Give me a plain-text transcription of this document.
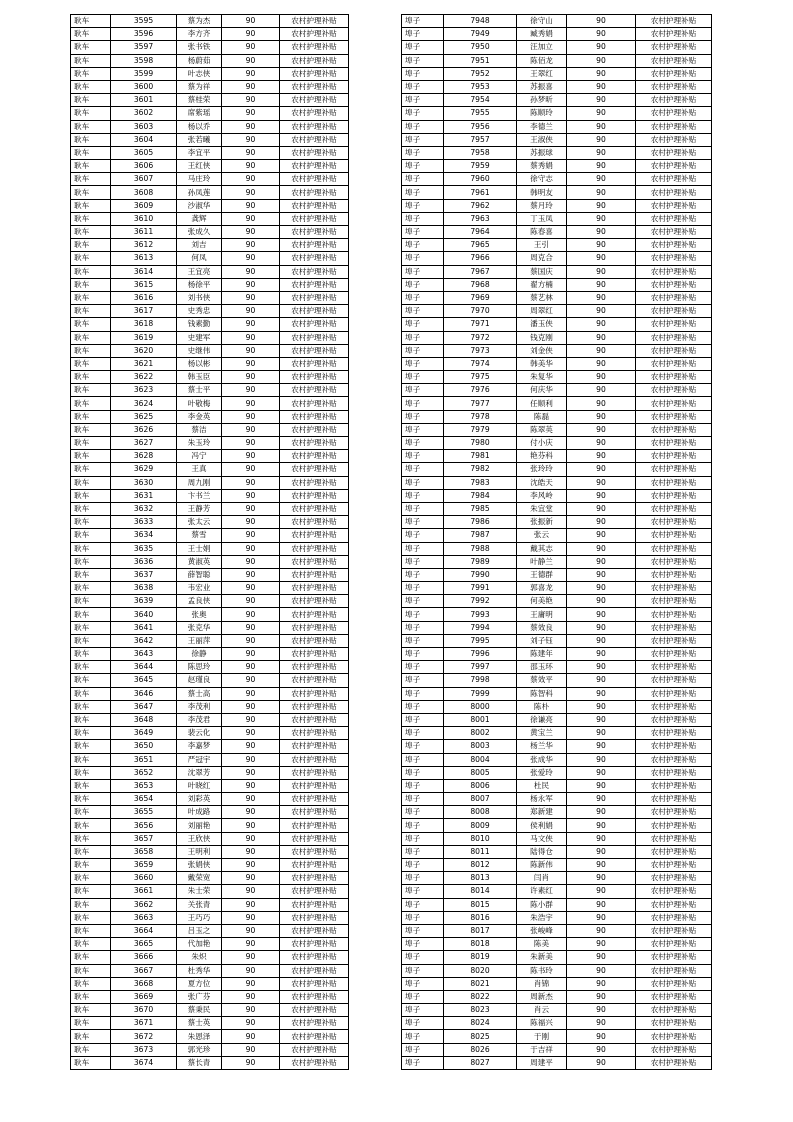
耿车	3595	蔡为杰	90	农村护理补贴
耿车	3596	李方齐	90	农村护理补贴
耿车	3597	张书铁	90	农村护理补贴
耿车	3598	杨蔚茹	90	农村护理补贴
耿车	3599	叶志侠	90	农村护理补贴
耿车	3600	蔡为祥	90	农村护理补贴
耿车	3601	蔡桂荣	90	农村护理补贴
耿车	3602	席紫瑶	90	农村护理补贴
耿车	3603	杨以乔	90	农村护理补贴
耿车	3604	张若曦	90	农村护理补贴
耿车	3605	李宜平	90	农村护理补贴
耿车	3606	王红侠	90	农村护理补贴
耿车	3607	马庄玲	90	农村护理补贴
耿车	3608	孙凤莲	90	农村护理补贴
耿车	3609	沙淑华	90	农村护理补贴
耿车	3610	龚辉	90	农村护理补贴
耿车	3611	张成久	90	农村护理补贴
耿车	3612	刘吉	90	农村护理补贴
耿车	3613	何凤	90	农村护理补贴
耿车	3614	王宜亮	90	农村护理补贴
耿车	3615	杨徐平	90	农村护理补贴
耿车	3616	刘书侠	90	农村护理补贴
耿车	3617	史秀忠	90	农村护理补贴
耿车	3618	钱素勤	90	农村护理补贴
耿车	3619	史建军	90	农村护理补贴
耿车	3620	史继伟	90	农村护理补贴
耿车	3621	杨以彬	90	农村护理补贴
耿车	3622	韩玉臣	90	农村护理补贴
耿车	3623	蔡士平	90	农村护理补贴
耿车	3624	叶敬梅	90	农村护理补贴
耿车	3625	李金英	90	农村护理补贴
耿车	3626	蔡洁	90	农村护理补贴
耿车	3627	朱玉玲	90	农村护理补贴
耿车	3628	冯宁	90	农村护理补贴
耿车	3629	王真	90	农村护理补贴
耿车	3630	周九刚	90	农村护理补贴
耿车	3631	卞书兰	90	农村护理补贴
耿车	3632	王静芳	90	农村护理补贴
耿车	3633	张太云	90	农村护理补贴
耿车	3634	蔡雪	90	农村护理补贴
耿车	3635	王士娟	90	农村护理补贴
耿车	3636	黄淑英	90	农村护理补贴
耿车	3637	薛智聪	90	农村护理补贴
耿车	3638	韦宏业	90	农村护理补贴
耿车	3639	孟良侠	90	农村护理补贴
耿车	3640	张奥	90	农村护理补贴
耿车	3641	张克华	90	农村护理补贴
耿车	3642	王丽萍	90	农村护理补贴
耿车	3643	徐静	90	农村护理补贴
耿车	3644	陈思玲	90	农村护理补贴
耿车	3645	赵瑾良	90	农村护理补贴
耿车	3646	蔡士高	90	农村护理补贴
耿车	3647	李茂利	90	农村护理补贴
耿车	3648	李茂君	90	农村护理补贴
耿车	3649	裴云化	90	农村护理补贴
耿车	3650	李嘉梦	90	农村护理补贴
耿车	3651	严冠宇	90	农村护理补贴
耿车	3652	沈翠芳	90	农村护理补贴
耿车	3653	叶晓红	90	农村护理补贴
耿车	3654	刘彩英	90	农村护理补贴
耿车	3655	叶成路	90	农村护理补贴
耿车	3656	刘丽艳	90	农村护理补贴
耿车	3657	王欣侠	90	农村护理补贴
耿车	3658	王明利	90	农村护理补贴
耿车	3659	张娟侠	90	农村护理补贴
耿车	3660	戴荣宽	90	农村护理补贴
耿车	3661	朱士荣	90	农村护理补贴
耿车	3662	关张青	90	农村护理补贴
耿车	3663	王巧巧	90	农村护理补贴
耿车	3664	吕玉之	90	农村护理补贴
耿车	3665	代加艳	90	农村护理补贴
耿车	3666	朱炽	90	农村护理补贴
耿车	3667	杜秀华	90	农村护理补贴
耿车	3668	夏方位	90	农村护理补贴
耿车	3669	张广芬	90	农村护理补贴
耿车	3670	蔡秉民	90	农村护理补贴
耿车	3671	蔡士英	90	农村护理补贴
耿车	3672	朱恩泽	90	农村护理补贴
耿车	3673	郭光珍	90	农村护理补贴
耿车	3674	蔡长青	90	农村护理补贴
埠子	7948	徐守山	90	农村护理补贴
埠子	7949	臧秀娟	90	农村护理补贴
埠子	7950	汪加立	90	农村护理补贴
埠子	7951	陈佰龙	90	农村护理补贴
埠子	7952	王翠红	90	农村护理补贴
埠子	7953	苏振喜	90	农村护理补贴
埠子	7954	孙梦昕	90	农村护理补贴
埠子	7955	陈顺玲	90	农村护理补贴
埠子	7956	李德兰	90	农村护理补贴
埠子	7957	王淑侠	90	农村护理补贴
埠子	7958	苏振球	90	农村护理补贴
埠子	7959	蔡秀娟	90	农村护理补贴
埠子	7960	徐守志	90	农村护理补贴
埠子	7961	韩明友	90	农村护理补贴
埠子	7962	蔡月玲	90	农村护理补贴
埠子	7963	丁玉凤	90	农村护理补贴
埠子	7964	陈春喜	90	农村护理补贴
埠子	7965	王引	90	农村护理补贴
埠子	7966	周克合	90	农村护理补贴
埠子	7967	蔡国庆	90	农村护理补贴
埠子	7968	翟方楠	90	农村护理补贴
埠子	7969	蔡艺林	90	农村护理补贴
埠子	7970	周翠红	90	农村护理补贴
埠子	7971	潘玉侠	90	农村护理补贴
埠子	7972	钱克刚	90	农村护理补贴
埠子	7973	刘金侠	90	农村护理补贴
埠子	7974	韩美华	90	农村护理补贴
埠子	7975	朱复华	90	农村护理补贴
埠子	7976	何庆华	90	农村护理补贴
埠子	7977	任顺利	90	农村护理补贴
埠子	7978	陈磊	90	农村护理补贴
埠子	7979	陈翠英	90	农村护理补贴
埠子	7980	付小庆	90	农村护理补贴
埠子	7981	艳芬科	90	农村护理补贴
埠子	7982	张玲玲	90	农村护理补贴
埠子	7983	沈皓天	90	农村护理补贴
埠子	7984	李风岭	90	农村护理补贴
埠子	7985	朱宜堂	90	农村护理补贴
埠子	7986	张振新	90	农村护理补贴
埠子	7987	张云	90	农村护理补贴
埠子	7988	戴其志	90	农村护理补贴
埠子	7989	叶静兰	90	农村护理补贴
埠子	7990	王德群	90	农村护理补贴
埠子	7991	郭喜龙	90	农村护理补贴
埠子	7992	何美艳	90	农村护理补贴
埠子	7993	王庸明	90	农村护理补贴
埠子	7994	蔡效良	90	农村护理补贴
埠子	7995	刘子钰	90	农村护理补贴
埠子	7996	陈建年	90	农村护理补贴
埠子	7997	邵玉环	90	农村护理补贴
埠子	7998	蔡效平	90	农村护理补贴
埠子	7999	陈智科	90	农村护理补贴
埠子	8000	陈朴	90	农村护理补贴
埠子	8001	徐谦亮	90	农村护理补贴
埠子	8002	黄宝兰	90	农村护理补贴
埠子	8003	杨兰华	90	农村护理补贴
埠子	8004	张成华	90	农村护理补贴
埠子	8005	张爱玲	90	农村护理补贴
埠子	8006	杜民	90	农村护理补贴
埠子	8007	杨永军	90	农村护理补贴
埠子	8008	郑新建	90	农村护理补贴
埠子	8009	侯利娟	90	农村护理补贴
埠子	8010	马文侠	90	农村护理补贴
埠子	8011	陆得仓	90	农村护理补贴
埠子	8012	陈新伟	90	农村护理补贴
埠子	8013	闫肖	90	农村护理补贴
埠子	8014	许素红	90	农村护理补贴
埠子	8015	陈小群	90	农村护理补贴
埠子	8016	朱浩宇	90	农村护理补贴
埠子	8017	张峻峰	90	农村护理补贴
埠子	8018	陈美	90	农村护理补贴
埠子	8019	朱新美	90	农村护理补贴
埠子	8020	陈书玲	90	农村护理补贴
埠子	8021	肖锦	90	农村护理补贴
埠子	8022	周新杰	90	农村护理补贴
埠子	8023	肖云	90	农村护理补贴
埠子	8024	陈福兴	90	农村护理补贴
埠子	8025	于刚	90	农村护理补贴
埠子	8026	于吉祥	90	农村护理补贴
埠子	8027	周建平	90	农村护理补贴
